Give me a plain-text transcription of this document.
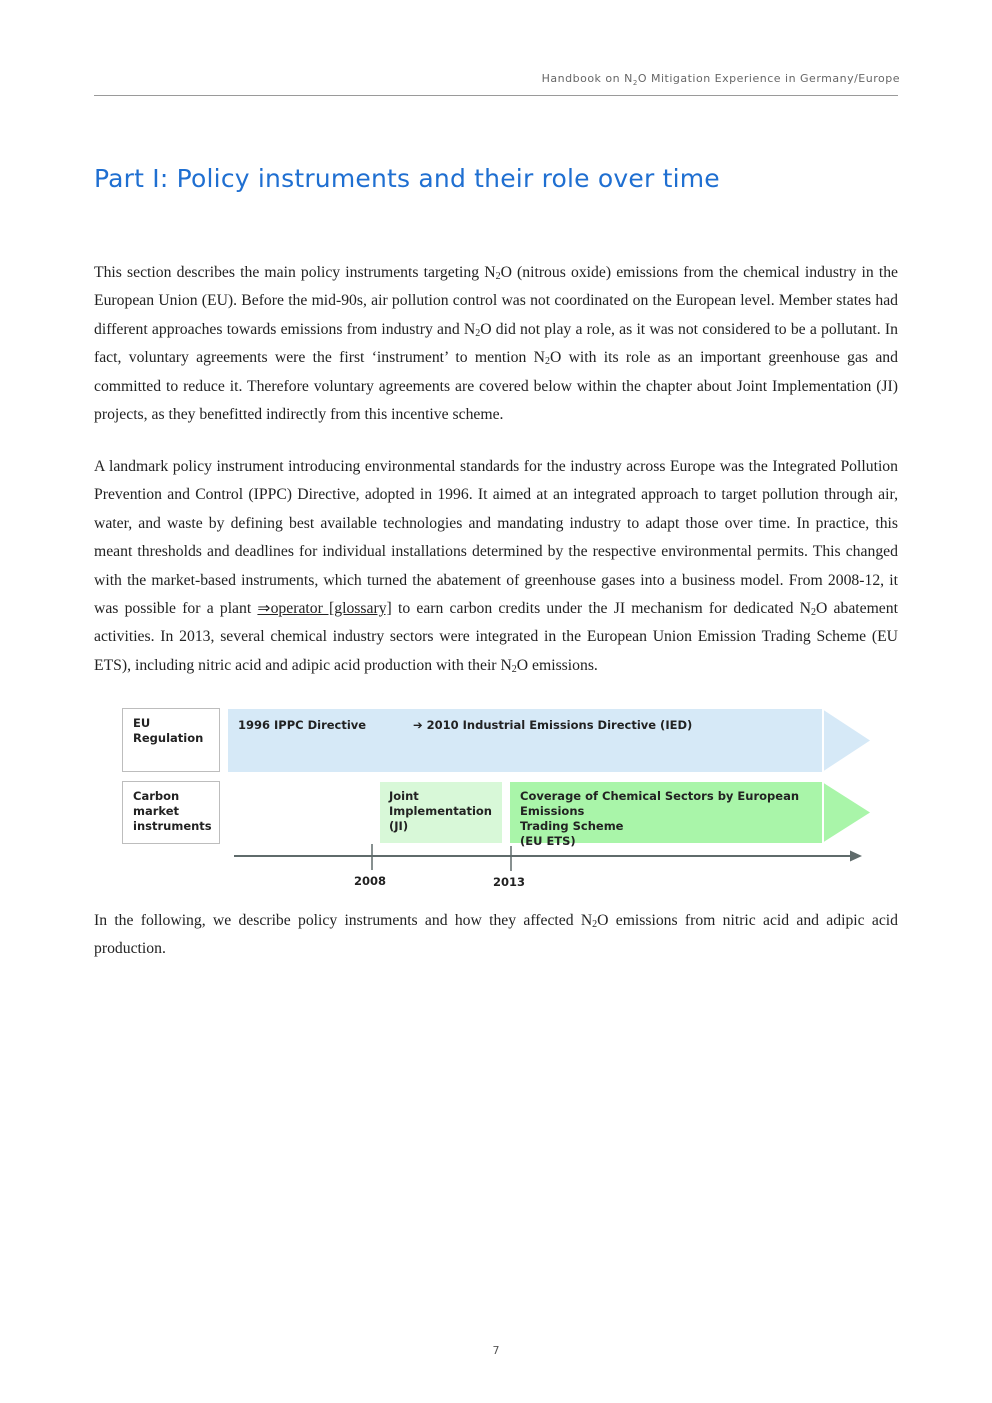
Handbook on $N_2O$ Mitigation Experience in Germany/Europe
Part I: Policy instruments and their role over time

This section describes the main policy instruments targeting $N_2O$ (nitrous oxide) emissions from the chemical industry in the European Union (EU). Before the mid-90s, air pollution control was not coordinated on the European level. Member states had different approaches towards emissions from industry and $N_2O$ did not play a role, as it was not considered to be a pollutant. In fact, voluntary agreements were the first ‘instrument’ to mention $N_2O$ with its role as an important greenhouse gas and committed to reduce it. Therefore voluntary agreements are covered below within the chapter about Joint Implementation (JI) projects, as they benefitted indirectly from this incentive scheme.

A landmark policy instrument introducing environmental standards for the industry across Europe was the Integrated Pollution Prevention and Control (IPPC) Directive, adopted in 1996. It aimed at an integrated approach to target pollution through air, water, and waste by defining best available technologies and mandating industry to adapt those over time. In practice, this meant thresholds and deadlines for individual installations determined by the respective environmental permits. This changed with the market-based instruments, which turned the abatement of greenhouse gases into a business model. From 2008-12, it was possible for a plant ⇒operator [glossary] to earn carbon credits under the JI mechanism for dedicated $N_2O$ abatement activities. In 2013, several chemical industry sectors were integrated in the European Union Emission Trading Scheme (EU ETS), including nitric acid and adipic acid production with their $N_2O$ emissions.

EU Regulation
Carbon
market
instruments
1996 IPPC Directive	➔ 2010 Industrial Emissions Directive (IED)
Joint
Implementation
(JI)
Coverage of Chemical Sectors by European Emissions
Trading Scheme
(EU ETS)
2008	2013

In the following, we describe policy instruments and how they affected $N_2O$ emissions from nitric acid and adipic acid production.

7
